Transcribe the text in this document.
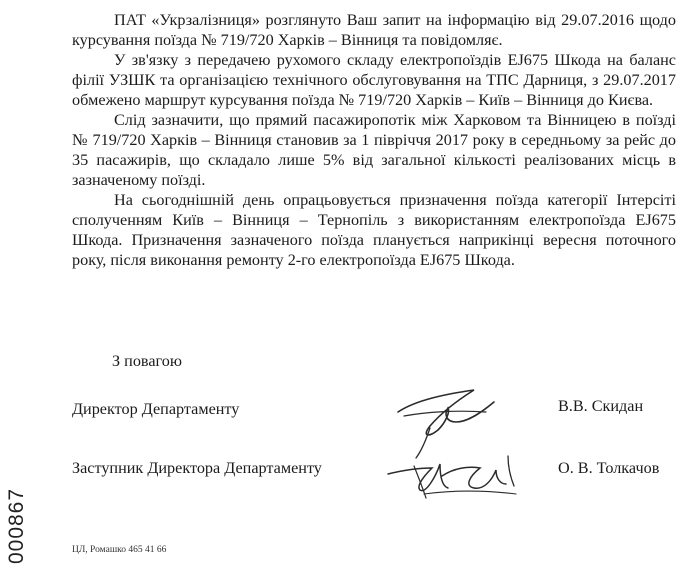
ПАТ «Укрзалізниця» розглянуто Ваш запит на інформацію від 29.07.2016 щодо курсування поїзда № 719/720 Харків – Вінниця та повідомляє.

У зв'язку з передачею рухомого складу електропоїздів EJ675 Шкода на баланс філії УЗШК та організацією технічного обслуговування на ТПС Дарниця, з 29.07.2017 обмежено маршрут курсування поїзда № 719/720 Харків – Київ – Вінниця до Києва.

Слід зазначити, що прямий пасажиропотік між Харковом та Вінницею в поїзді № 719/720 Харків – Вінниця становив за 1 півріччя 2017 року в середньому за рейс до 35 пасажирів, що складало лише 5% від загальної кількості реалізованих місць в зазначеному поїзді.

На сьогоднішній день опрацьовується призначення поїзда категорії Інтерсіті сполученням Київ – Вінниця – Тернопіль з використанням електропоїзда EJ675 Шкода. Призначення зазначеного поїзда планується наприкінці вересня поточного року, після виконання ремонту 2-го електропоїзда EJ675 Шкода.

З повагою
Директор Департаменту	В.В. Скидан
Заступник Директора Департаменту	О. В. Толкачов
000867	ЦЛ, Ромашко 465 41 66
